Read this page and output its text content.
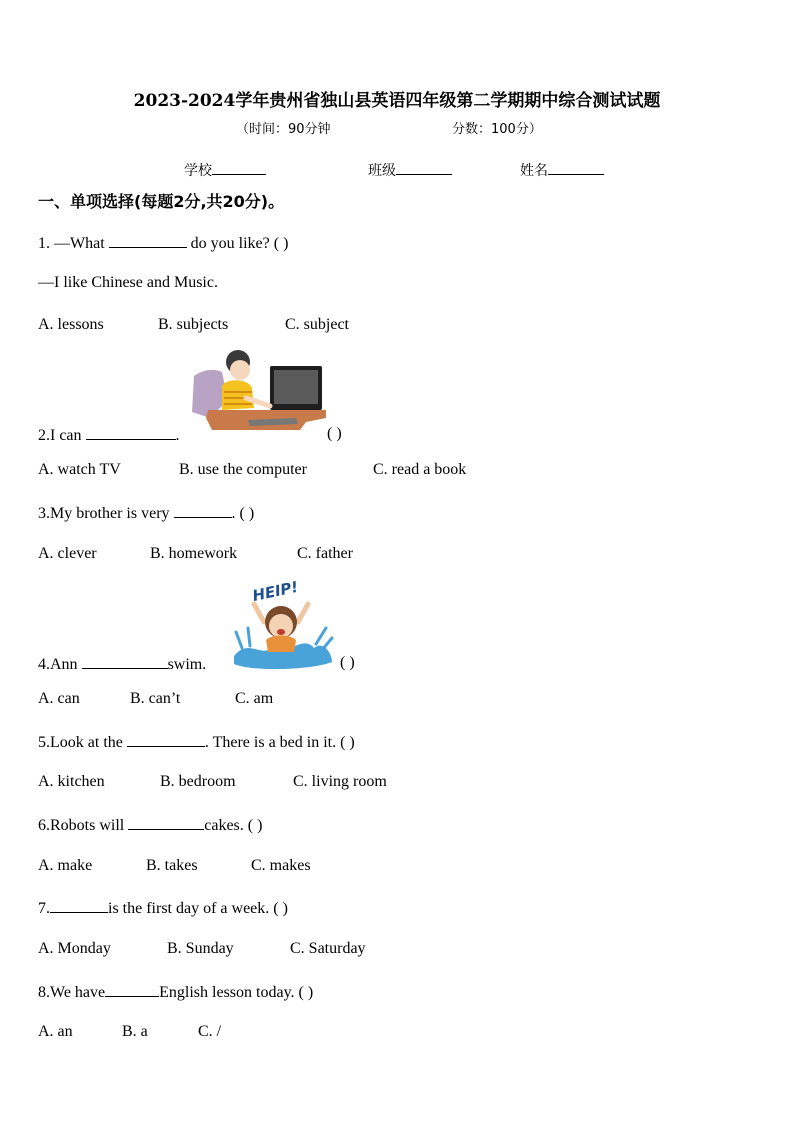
2023-2024学年贵州省独山县英语四年级第二学期期中综合测试试题
（时间：90分钟	分数：100分）
学校	班级	姓名
一、单项选择(每题2分,共20分)。
1. —What	do you like? ( )
—I like Chinese and Music.
A. lessons	B. subjects	C. subject
2.I can	.	( )
A. watch TV	B. use the computer	C. read a book
3.My brother is very	. ( )
A. clever	B. homework	C. father
HEIP!
4.Ann	swim.	( )
A. can	B. can’t	C. am
5.Look at the	. There is a bed in it. ( )
A. kitchen	B. bedroom	C. living room
6.Robots will	cakes. ( )
A. make	B. takes	C. makes
7.	is the first day of a week. ( )
A. Monday	B. Sunday	C. Saturday
8.We have	English lesson today. ( )
A. an	B. a	C. /
